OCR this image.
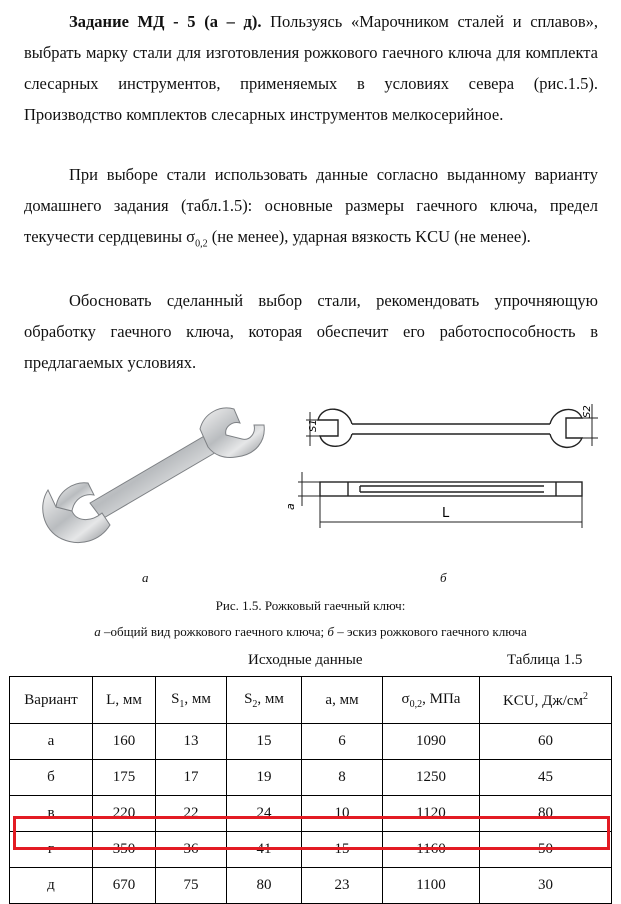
Задание МД - 5 (а – д). Пользуясь «Марочником сталей и сплавов», выбрать марку стали для изготовления рожкового гаечного ключа для комплекта слесарных инструментов, применяемых в условиях севера (рис.1.5). Производство комплектов слесарных инструментов мелкосерийное.
При выборе стали использовать данные согласно выданному варианту домашнего задания (табл.1.5): основные размеры гаечного ключа, предел текучести сердцевины $\sigma_{0,2}$ (не менее), ударная вязкость KCU (не менее).
Обосновать сделанный выбор стали, рекомендовать упрочняющую обработку гаечного ключа, которая обеспечит его работоспособность в предлагаемых условиях.
S1
S2
a	L
а	б
Рис. 1.5. Рожковый гаечный ключ:
а –общий вид рожкового гаечного ключа; б – эскиз рожкового гаечного ключа
Исходные данные	Таблица 1.5
Вариант	L, мм	$S_1$, мм	$S_2$, мм	a, мм	$\sigma_{0,2}$, МПа	KCU, $Дж/см^2$
а	160	13	15	6	1090	60
б	175	17	19	8	1250	45
в	220	22	24	10	1120	80
г	350	36	41	15	1160	50
д	670	75	80	23	1100	30
